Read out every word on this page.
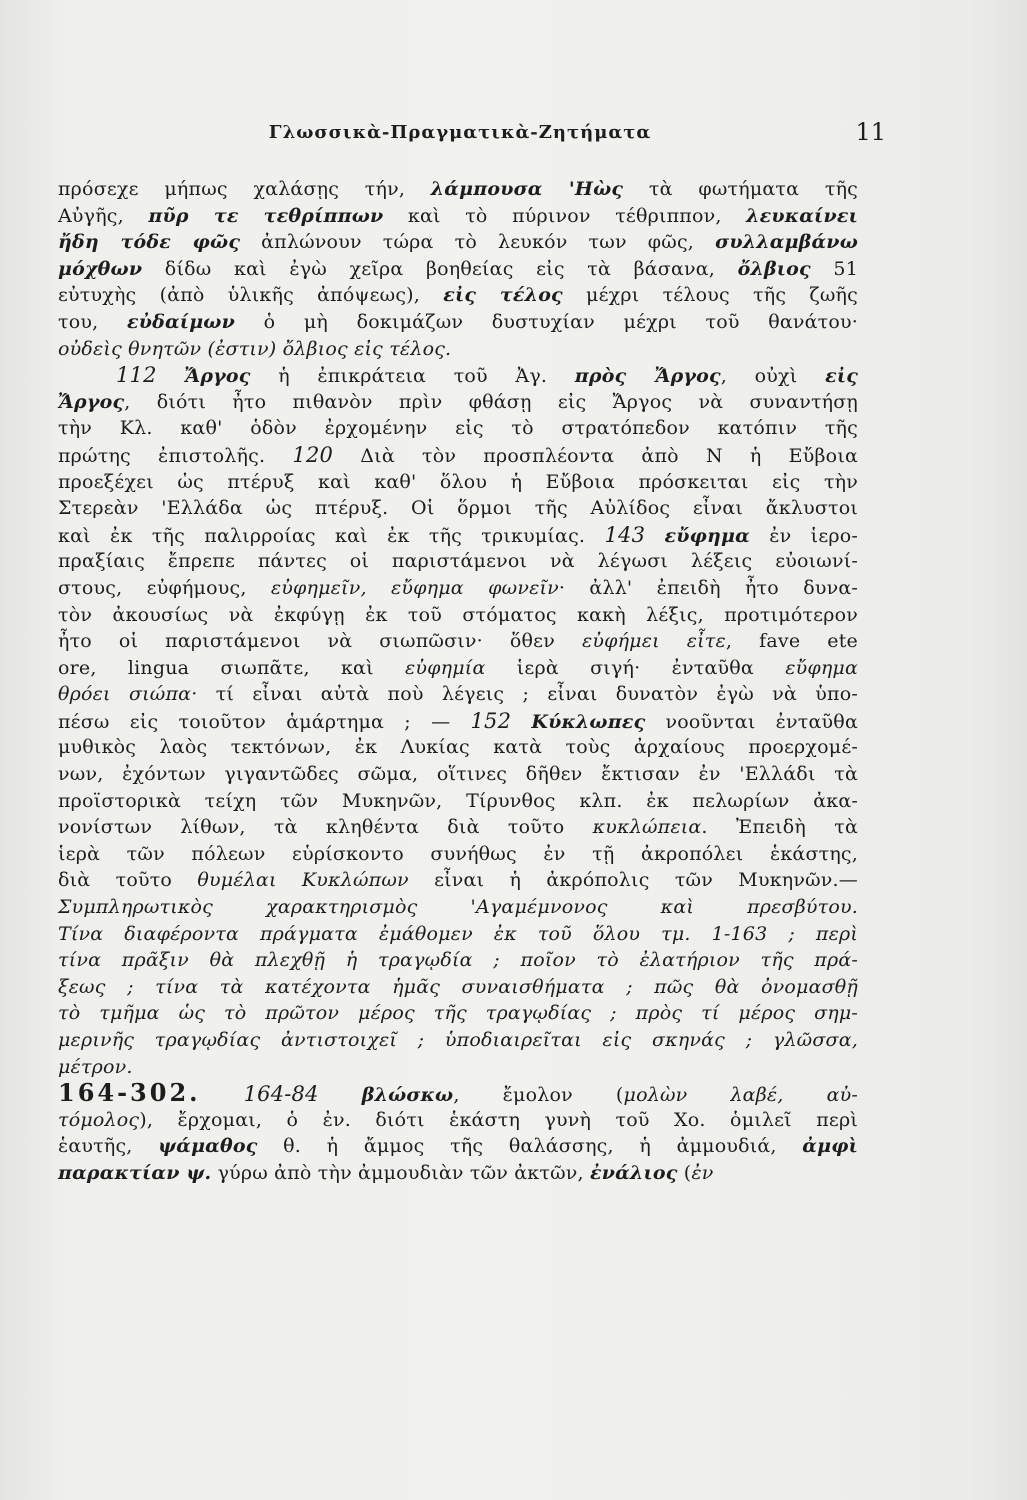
Γλωσσικὰ-Πραγματικὰ-Ζητήματα	11
πρόσεχε μήπως χαλάσῃς τήν, λάμπουσα 'Ηὼς τὰ φωτήματα τῆς
Αὐγῆς, πῦρ τε τεθρίππων καὶ τὸ πύρινον τέθριππον, λευκαίνει
ἤδη τόδε φῶς ἀπλώνουν τώρα τὸ λευκόν των φῶς, συλλαμβάνω
μόχθων δίδω καὶ ἐγὼ χεῖρα βοηθείας εἰς τὰ βάσανα, ὄλβιος 51
εὐτυχὴς (ἀπὸ ὑλικῆς ἀπόψεως), εἰς τέλος μέχρι τέλους τῆς ζωῆς
του, εὐδαίμων ὁ μὴ δοκιμάζων δυστυχίαν μέχρι τοῦ θανάτου·
οὐδεὶς θνητῶν (ἐστιν) ὄλβιος εἰς τέλος.
112 Ἄργος ἡ ἐπικράτεια τοῦ Ἀγ. πρὸς Ἄργος, οὐχὶ εἰς
Ἄργος, διότι ἦτο πιθανὸν πρὶν φθάσῃ εἰς Ἄργος νὰ συναντήσῃ
τὴν Κλ. καθ' ὁδὸν ἐρχομένην εἰς τὸ στρατόπεδον κατόπιν τῆς
πρώτης ἐπιστολῆς. 120 Διὰ τὸν προσπλέοντα ἀπὸ Ν ἡ Εὔβοια
προεξέχει ὡς πτέρυξ καὶ καθ' ὅλου ἡ Εὔβοια πρόσκειται εἰς τὴν
Στερεὰν 'Ελλάδα ὡς πτέρυξ. Οἱ ὅρμοι τῆς Αὐλίδος εἶναι ἄκλυστοι
καὶ ἐκ τῆς παλιρροίας καὶ ἐκ τῆς τρικυμίας. 143 εὔφημα ἐν ἱερο-
πραξίαις ἔπρεπε πάντες οἱ παριστάμενοι νὰ λέγωσι λέξεις εὐοιωνί-
στους, εὐφήμους, εὐφημεῖν, εὔφημα φωνεῖν· ἀλλ' ἐπειδὴ ἦτο δυνα-
τὸν ἀκουσίως νὰ ἐκφύγῃ ἐκ τοῦ στόματος κακὴ λέξις, προτιμότερον
ἦτο οἱ παριστάμενοι νὰ σιωπῶσιν· ὅθεν εὐφήμει εἶτε, fave ete
ore, lingua σιωπᾶτε, καὶ εὐφημία ἱερὰ σιγή· ἐνταῦθα εὔφημα
θρόει σιώπα· τί εἶναι αὐτὰ ποὺ λέγεις ; εἶναι δυνατὸν ἐγὼ νὰ ὑπο-
πέσω εἰς τοιοῦτον ἁμάρτημα ; — 152 Κύκλωπες νοοῦνται ἐνταῦθα
μυθικὸς λαὸς τεκτόνων, ἐκ Λυκίας κατὰ τοὺς ἀρχαίους προερχομέ-
νων, ἐχόντων γιγαντῶδες σῶμα, οἵτινες δῆθεν ἔκτισαν ἐν 'Ελλάδι τὰ
προϊστορικὰ τείχη τῶν Μυκηνῶν, Τίρυνθος κλπ. ἐκ πελωρίων ἀκα-
νονίστων λίθων, τὰ κληθέντα διὰ τοῦτο κυκλώπεια. Ἐπειδὴ τὰ
ἱερὰ τῶν πόλεων εὑρίσκοντο συνήθως ἐν τῇ ἀκροπόλει ἑκάστης,
διὰ τοῦτο θυμέλαι Κυκλώπων εἶναι ἡ ἀκρόπολις τῶν Μυκηνῶν.—
Συμπληρωτικὸς χαρακτηρισμὸς 'Αγαμέμνονος καὶ πρεσβύτου.
Τίνα διαφέροντα πράγματα ἐμάθομεν ἐκ τοῦ ὅλου τμ. 1-163 ; περὶ
τίνα πρᾶξιν θὰ πλεχθῇ ἡ τραγῳδία ; ποῖον τὸ ἐλατήριον τῆς πρά-
ξεως ; τίνα τὰ κατέχοντα ἡμᾶς συναισθήματα ; πῶς θὰ ὀνομασθῇ
τὸ τμῆμα ὡς τὸ πρῶτον μέρος τῆς τραγῳδίας ; πρὸς τί μέρος σημ-
μερινῆς τραγῳδίας ἀντιστοιχεῖ ; ὑποδιαιρεῖται εἰς σκηνάς ; γλῶσσα,
μέτρον.
164-302. 164-84 βλώσκω, ἔμολον (μολὼν λαβέ, αὐ-
τόμολος), ἔρχομαι, ὁ ἐν. διότι ἑκάστη γυνὴ τοῦ Χο. ὁμιλεῖ περὶ
ἑαυτῆς, ψάμαθος θ. ἡ ἄμμος τῆς θαλάσσης, ἡ ἀμμουδιά, ἀμφὶ
παρακτίαν ψ. γύρω ἀπὸ τὴν ἀμμουδιὰν τῶν ἀκτῶν, ἐνάλιος (ἐν
